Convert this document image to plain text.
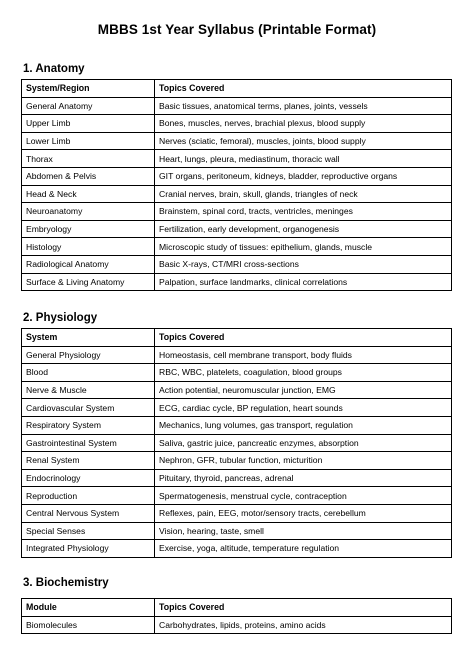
MBBS 1st Year Syllabus (Printable Format)
1. Anatomy
System/Region	Topics Covered
General Anatomy	Basic tissues, anatomical terms, planes, joints, vessels
Upper Limb	Bones, muscles, nerves, brachial plexus, blood supply
Lower Limb	Nerves (sciatic, femoral), muscles, joints, blood supply
Thorax	Heart, lungs, pleura, mediastinum, thoracic wall
Abdomen & Pelvis	GIT organs, peritoneum, kidneys, bladder, reproductive organs
Head & Neck	Cranial nerves, brain, skull, glands, triangles of neck
Neuroanatomy	Brainstem, spinal cord, tracts, ventricles, meninges
Embryology	Fertilization, early development, organogenesis
Histology	Microscopic study of tissues: epithelium, glands, muscle
Radiological Anatomy	Basic X-rays, CT/MRI cross-sections
Surface & Living Anatomy	Palpation, surface landmarks, clinical correlations
2. Physiology
System	Topics Covered
General Physiology	Homeostasis, cell membrane transport, body fluids
Blood	RBC, WBC, platelets, coagulation, blood groups
Nerve & Muscle	Action potential, neuromuscular junction, EMG
Cardiovascular System	ECG, cardiac cycle, BP regulation, heart sounds
Respiratory System	Mechanics, lung volumes, gas transport, regulation
Gastrointestinal System	Saliva, gastric juice, pancreatic enzymes, absorption
Renal System	Nephron, GFR, tubular function, micturition
Endocrinology	Pituitary, thyroid, pancreas, adrenal
Reproduction	Spermatogenesis, menstrual cycle, contraception
Central Nervous System	Reflexes, pain, EEG, motor/sensory tracts, cerebellum
Special Senses	Vision, hearing, taste, smell
Integrated Physiology	Exercise, yoga, altitude, temperature regulation
3. Biochemistry
Module	Topics Covered
Biomolecules	Carbohydrates, lipids, proteins, amino acids
